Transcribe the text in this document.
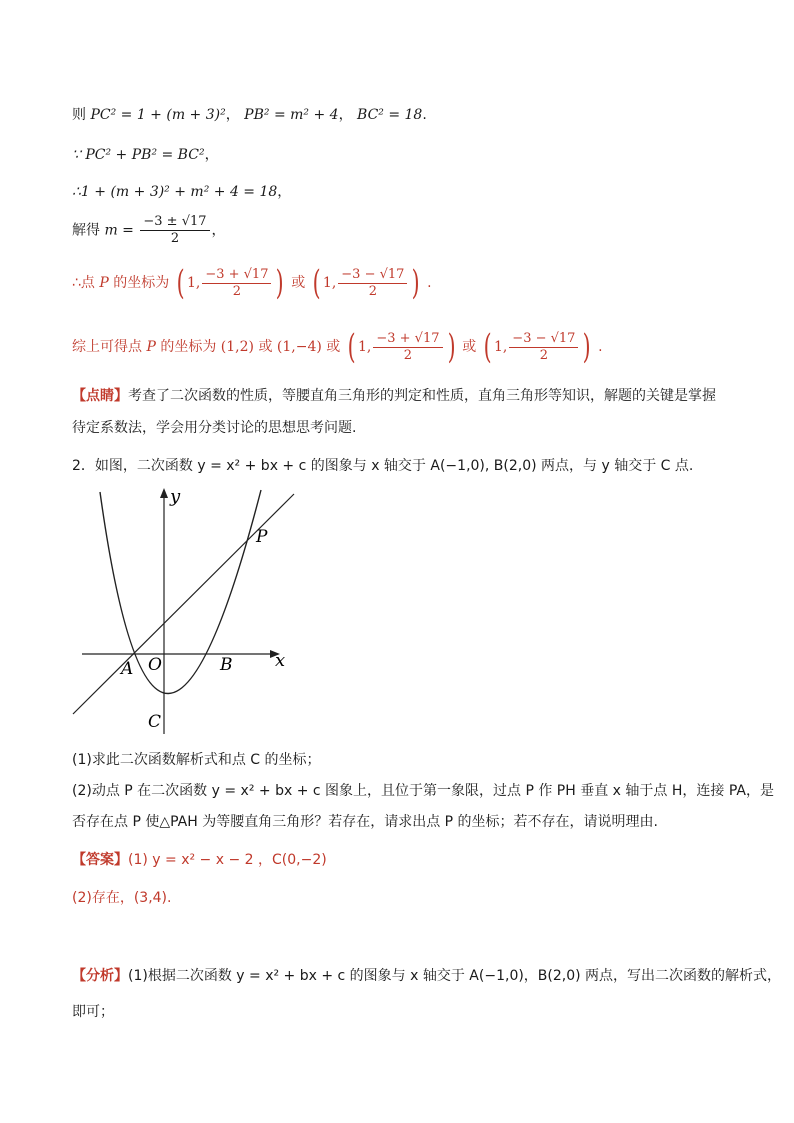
则 PC² = 1 + (m + 3)²， PB² = m² + 4， BC² = 18.
∵ PC² + PB² = BC²，
∴1 + (m + 3)² + m² + 4 = 18，
解得 $m = \frac{-3 \pm √17}{2}$ ，
∴点 P 的坐标为 ( 1, $\frac{-3 + √17}{2}$ ) 或 ( 1, $\frac{-3 - √17}{2}$ ) .
综上可得点 P 的坐标为 (1,2) 或 (1,−4) 或 ( 1, $\frac{-3 + √17}{2}$ ) 或 ( 1, $\frac{-3 - √17}{2}$ ) .
【点睛】考查了二次函数的性质，等腰直角三角形的判定和性质，直角三角形等知识，解题的关键是掌握
待定系数法，学会用分类讨论的思想思考问题.
2．如图，二次函数 y = x² + bx + c 的图象与 x 轴交于 A(−1,0), B(2,0) 两点，与 y 轴交于 C 点.
y
x
P
O
A	B
C
(1)求此二次函数解析式和点 C 的坐标；
(2)动点 P 在二次函数 y = x² + bx + c 图象上，且位于第一象限，过点 P 作 PH 垂直 x 轴于点 H，连接 PA，是
否存在点 P 使△PAH 为等腰直角三角形？若存在，请求出点 P 的坐标；若不存在，请说明理由.
【答案】(1) y = x² − x − 2 ，C(0,−2)
(2)存在，(3,4).
【分析】(1)根据二次函数 y = x² + bx + c 的图象与 x 轴交于 A(−1,0)，B(2,0) 两点，写出二次函数的解析式，
即可；
